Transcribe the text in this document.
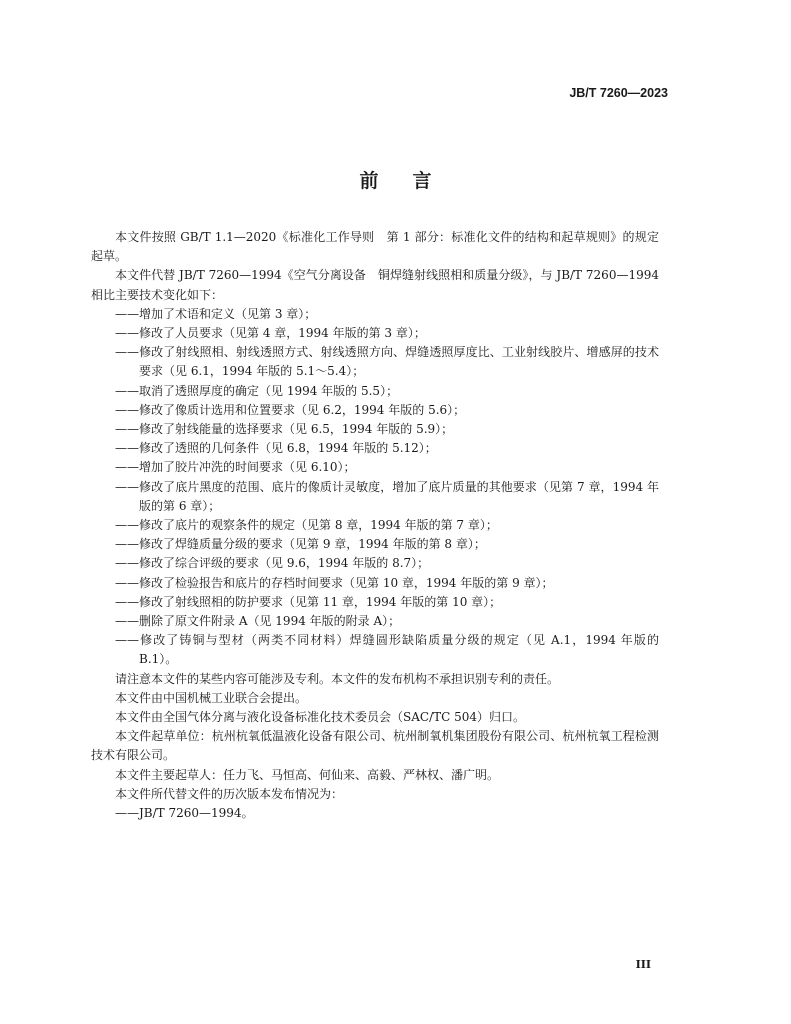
JB/T 7260—2023
前言

本文件按照 GB/T 1.1—2020《标准化工作导则　第 1 部分：标准化文件的结构和起草规则》的规定起草。

本文件代替 JB/T 7260—1994《空气分离设备　铜焊缝射线照相和质量分级》，与 JB/T 7260—1994 相比主要技术变化如下：

——增加了术语和定义（见第 3 章）；

——修改了人员要求（见第 4 章，1994 年版的第 3 章）；

——修改了射线照相、射线透照方式、射线透照方向、焊缝透照厚度比、工业射线胶片、增感屏的技术要求（见 6.1，1994 年版的 5.1～5.4）；

——取消了透照厚度的确定（见 1994 年版的 5.5）；

——修改了像质计选用和位置要求（见 6.2，1994 年版的 5.6）；

——修改了射线能量的选择要求（见 6.5，1994 年版的 5.9）；

——修改了透照的几何条件（见 6.8，1994 年版的 5.12）；

——增加了胶片冲洗的时间要求（见 6.10）；

——修改了底片黑度的范围、底片的像质计灵敏度，增加了底片质量的其他要求（见第 7 章，1994 年版的第 6 章）；

——修改了底片的观察条件的规定（见第 8 章，1994 年版的第 7 章）；

——修改了焊缝质量分级的要求（见第 9 章，1994 年版的第 8 章）；

——修改了综合评级的要求（见 9.6，1994 年版的 8.7）；

——修改了检验报告和底片的存档时间要求（见第 10 章，1994 年版的第 9 章）；

——修改了射线照相的防护要求（见第 11 章，1994 年版的第 10 章）；

——删除了原文件附录 A（见 1994 年版的附录 A）；

——修改了铸铜与型材（两类不同材料）焊缝圆形缺陷质量分级的规定（见 A.1，1994 年版的 B.1）。

请注意本文件的某些内容可能涉及专利。本文件的发布机构不承担识别专利的责任。

本文件由中国机械工业联合会提出。

本文件由全国气体分离与液化设备标准化技术委员会（SAC/TC 504）归口。

本文件起草单位：杭州杭氧低温液化设备有限公司、杭州制氧机集团股份有限公司、杭州杭氧工程检测技术有限公司。

本文件主要起草人：任力飞、马恒高、何仙来、高毅、严林权、潘广明。

本文件所代替文件的历次版本发布情况为：

——JB/T 7260—1994。

III
